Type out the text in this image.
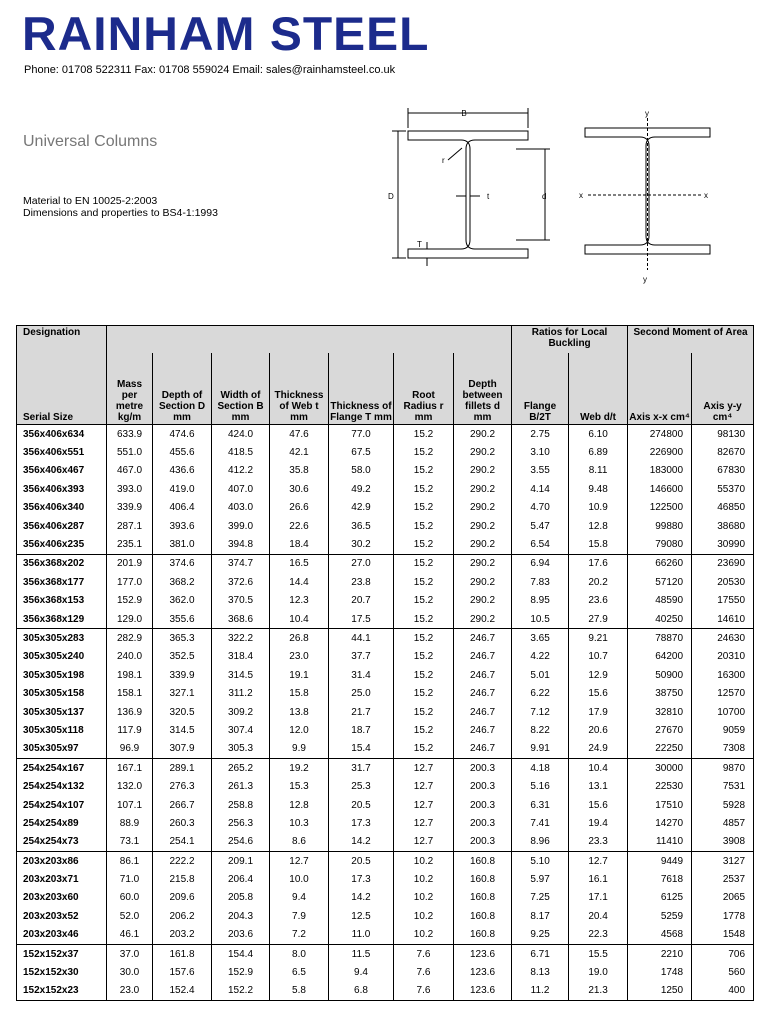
RAINHAM STEEL
Phone: 01708 522311 Fax: 01708 559024 Email: sales@rainhamsteel.co.uk
Universal Columns
Material to EN 10025-2:2003
Dimensions and properties to BS4-1:1993
B
D	d
t
T
r
y
y
x	x
Designation								Ratios for Local Buckling		Second Moment of Area	
Serial Size	Mass per metre kg/m	Depth of Section D mm	Width of Section B mm	Thickness of Web t mm	Thickness of Flange T mm	Root Radius r mm	Depth between fillets d mm	Flange B/2T	Web d/t	Axis x-x cm⁴	Axis y-y cm⁴
356x406x634	633.9	474.6	424.0	47.6	77.0	15.2	290.2	2.75	6.10	274800	98130
356x406x551	551.0	455.6	418.5	42.1	67.5	15.2	290.2	3.10	6.89	226900	82670
356x406x467	467.0	436.6	412.2	35.8	58.0	15.2	290.2	3.55	8.11	183000	67830
356x406x393	393.0	419.0	407.0	30.6	49.2	15.2	290.2	4.14	9.48	146600	55370
356x406x340	339.9	406.4	403.0	26.6	42.9	15.2	290.2	4.70	10.9	122500	46850
356x406x287	287.1	393.6	399.0	22.6	36.5	15.2	290.2	5.47	12.8	99880	38680
356x406x235	235.1	381.0	394.8	18.4	30.2	15.2	290.2	6.54	15.8	79080	30990
356x368x202	201.9	374.6	374.7	16.5	27.0	15.2	290.2	6.94	17.6	66260	23690
356x368x177	177.0	368.2	372.6	14.4	23.8	15.2	290.2	7.83	20.2	57120	20530
356x368x153	152.9	362.0	370.5	12.3	20.7	15.2	290.2	8.95	23.6	48590	17550
356x368x129	129.0	355.6	368.6	10.4	17.5	15.2	290.2	10.5	27.9	40250	14610
305x305x283	282.9	365.3	322.2	26.8	44.1	15.2	246.7	3.65	9.21	78870	24630
305x305x240	240.0	352.5	318.4	23.0	37.7	15.2	246.7	4.22	10.7	64200	20310
305x305x198	198.1	339.9	314.5	19.1	31.4	15.2	246.7	5.01	12.9	50900	16300
305x305x158	158.1	327.1	311.2	15.8	25.0	15.2	246.7	6.22	15.6	38750	12570
305x305x137	136.9	320.5	309.2	13.8	21.7	15.2	246.7	7.12	17.9	32810	10700
305x305x118	117.9	314.5	307.4	12.0	18.7	15.2	246.7	8.22	20.6	27670	9059
305x305x97	96.9	307.9	305.3	9.9	15.4	15.2	246.7	9.91	24.9	22250	7308
254x254x167	167.1	289.1	265.2	19.2	31.7	12.7	200.3	4.18	10.4	30000	9870
254x254x132	132.0	276.3	261.3	15.3	25.3	12.7	200.3	5.16	13.1	22530	7531
254x254x107	107.1	266.7	258.8	12.8	20.5	12.7	200.3	6.31	15.6	17510	5928
254x254x89	88.9	260.3	256.3	10.3	17.3	12.7	200.3	7.41	19.4	14270	4857
254x254x73	73.1	254.1	254.6	8.6	14.2	12.7	200.3	8.96	23.3	11410	3908
203x203x86	86.1	222.2	209.1	12.7	20.5	10.2	160.8	5.10	12.7	9449	3127
203x203x71	71.0	215.8	206.4	10.0	17.3	10.2	160.8	5.97	16.1	7618	2537
203x203x60	60.0	209.6	205.8	9.4	14.2	10.2	160.8	7.25	17.1	6125	2065
203x203x52	52.0	206.2	204.3	7.9	12.5	10.2	160.8	8.17	20.4	5259	1778
203x203x46	46.1	203.2	203.6	7.2	11.0	10.2	160.8	9.25	22.3	4568	1548
152x152x37	37.0	161.8	154.4	8.0	11.5	7.6	123.6	6.71	15.5	2210	706
152x152x30	30.0	157.6	152.9	6.5	9.4	7.6	123.6	8.13	19.0	1748	560
152x152x23	23.0	152.4	152.2	5.8	6.8	7.6	123.6	11.2	21.3	1250	400
